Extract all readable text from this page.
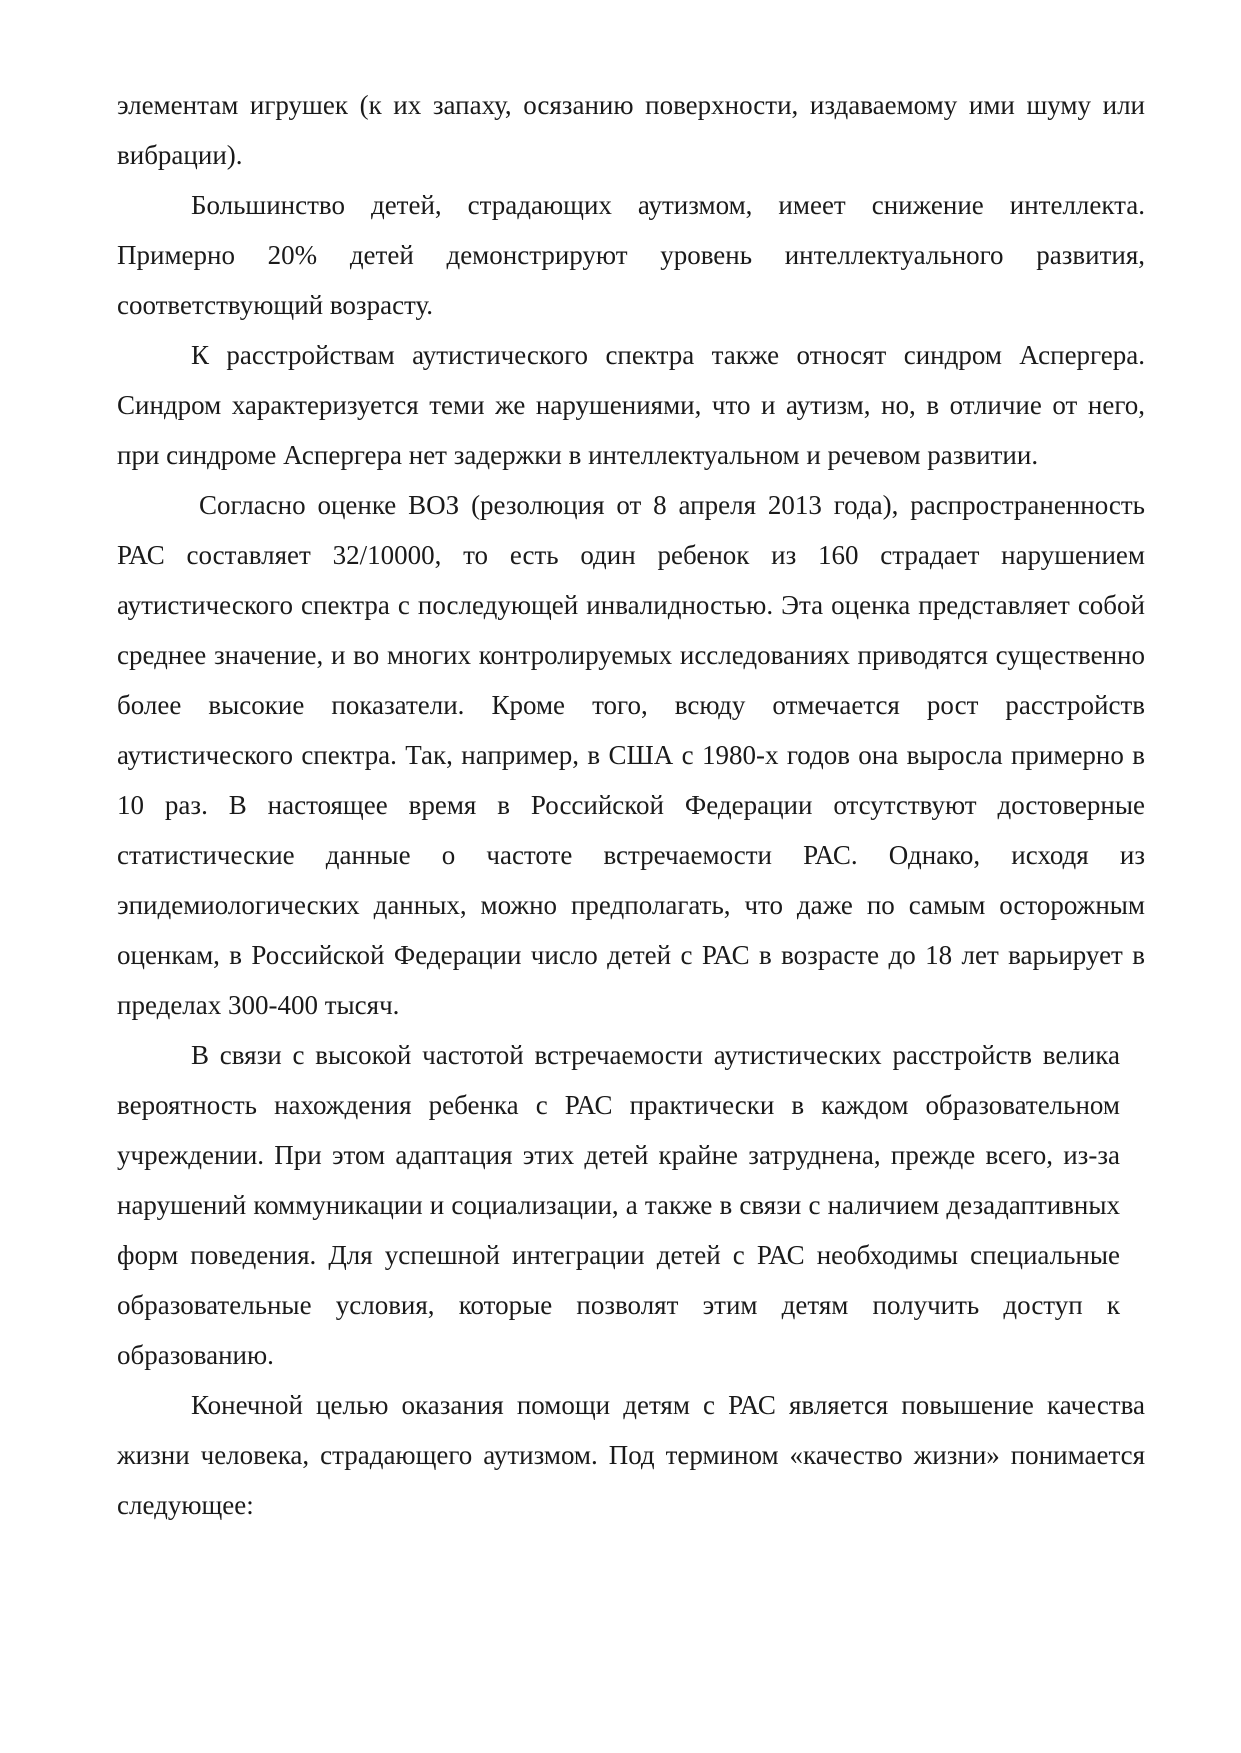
элементам игрушек (к их запаху, осязанию поверхности, издаваемому ими шуму или вибрации).

Большинство детей, страдающих аутизмом, имеет снижение интеллекта. Примерно 20% детей демонстрируют уровень интеллектуального развития, соответствующий возрасту.

К расстройствам аутистического спектра также относят синдром Аспергера. Синдром характеризуется теми же нарушениями, что и аутизм, но, в отличие от него, при синдроме Аспергера нет задержки в интеллектуальном и речевом развитии.

Согласно оценке ВОЗ (резолюция от 8 апреля 2013 года), распространенность РАС составляет 32/10000, то есть один ребенок из 160 страдает нарушением аутистического спектра с последующей инвалидностью. Эта оценка представляет собой среднее значение, и во многих контролируемых исследованиях приводятся существенно более высокие показатели. Кроме того, всюду отмечается рост расстройств аутистического спектра. Так, например, в США с 1980-х годов она выросла примерно в 10 раз. В настоящее время в Российской Федерации отсутствуют достоверные статистические данные о частоте встречаемости РАС. Однако, исходя из эпидемиологических данных, можно предполагать, что даже по самым осторожным оценкам, в Российской Федерации число детей с РАС в возрасте до 18 лет варьирует в пределах 300-400 тысяч.

В связи с высокой частотой встречаемости аутистических расстройств велика вероятность нахождения ребенка с РАС практически в каждом образовательном учреждении. При этом адаптация этих детей крайне затруднена, прежде всего, из-за нарушений коммуникации и социализации, а также в связи с наличием дезадаптивных форм поведения. Для успешной интеграции детей с РАС необходимы специальные образовательные условия, которые позволят этим детям получить доступ к образованию.

Конечной целью оказания помощи детям с РАС является повышение качества жизни человека, страдающего аутизмом. Под термином «качество жизни» понимается следующее:
